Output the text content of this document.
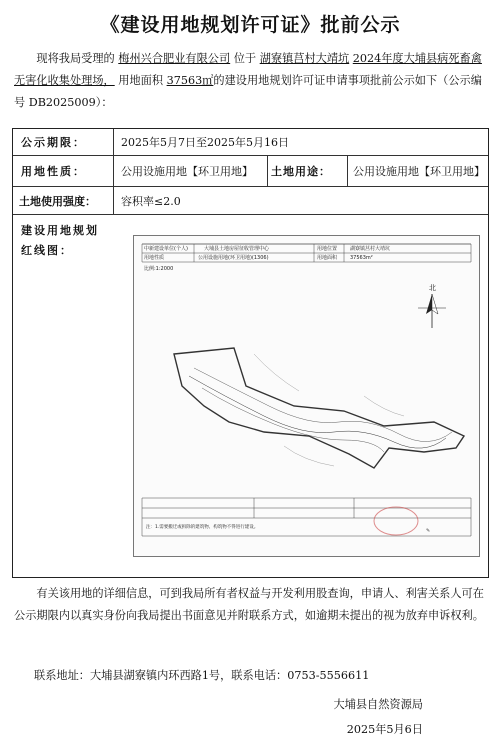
《建设用地规划许可证》批前公示
现将我局受理的 梅州兴合肥业有限公司 位于 湖寮镇莒村大靖坑 2024年度大埔县病死畜禽无害化收集处理场， 用地面积 37563㎡的建设用地规划许可证申请事项批前公示如下（公示编号 DB2025009）：
公示期限：	2025年5月7日至2025年5月16日
用地性质：	公用设施用地【环卫用地】 土地用途： 公用设施用地【环卫用地】
土地使用强度： 容积率≤2.0
建设用地规划红线图：	中新建设单位(个人)	大埔县土地房屋征收管理中心	用地位置	湖寮镇莒村大靖坑
用地性质	公用设施用地(环卫用地)(1306)	用地面积	37563m²
比例:1:2000
北
注：1.需要搬迁或拆除的建筑物、构筑物不得进行建设。
✎
有关该用地的详细信息，可到我局所有者权益与开发利用股查询，申请人、利害关系人可在公示期限内以真实身份向我局提出书面意见并附联系方式，如逾期未提出的视为放弃申诉权利。
联系地址：大埔县湖寮镇内环西路1号，联系电话：0753-5556611
大埔县自然资源局
2025年5月6日
